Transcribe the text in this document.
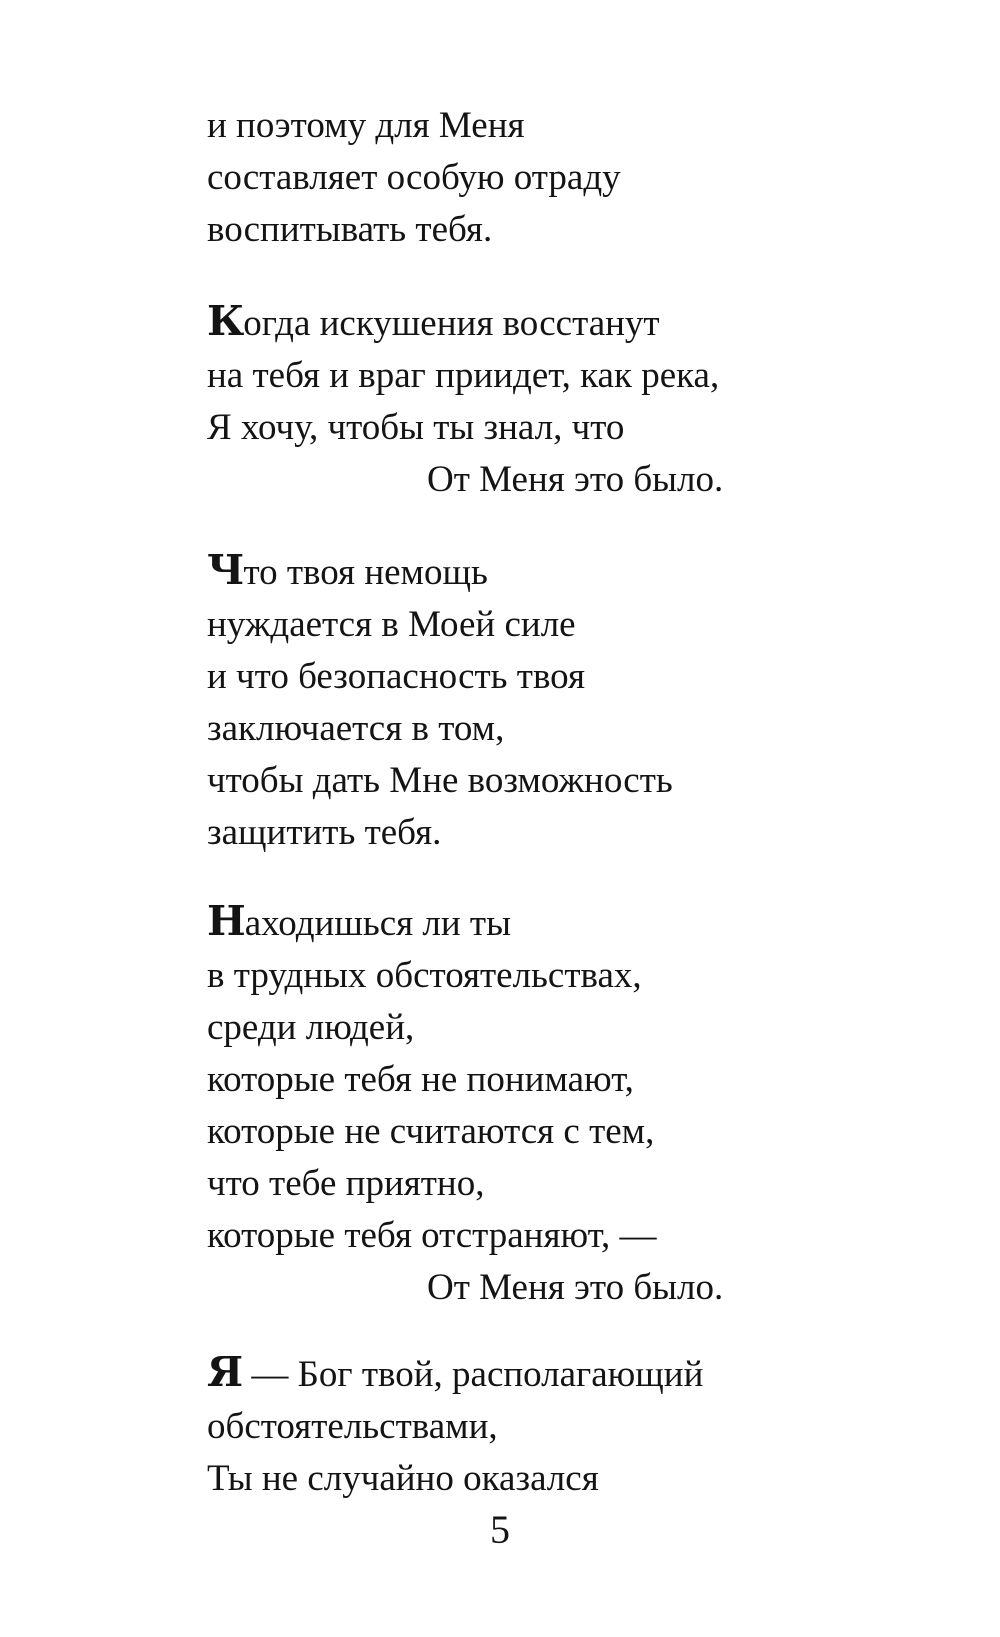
и поэтому для Меня
составляет особую отраду
воспитывать тебя.
Когда искушения восстанут
на тебя и враг приидет, как река,
Я хочу, чтобы ты знал, что
От Меня это было.
Что твоя немощь
нуждается в Моей силе
и что безопасность твоя
заключается в том,
чтобы дать Мне возможность
защитить тебя.
Находишься ли ты
в трудных обстоятельствах,
среди людей,
которые тебя не понимают,
которые не считаются с тем,
что тебе приятно,
которые тебя отстраняют, —
От Меня это было.
Я — Бог твой, располагающий
обстоятельствами,
Ты не случайно оказался
5
